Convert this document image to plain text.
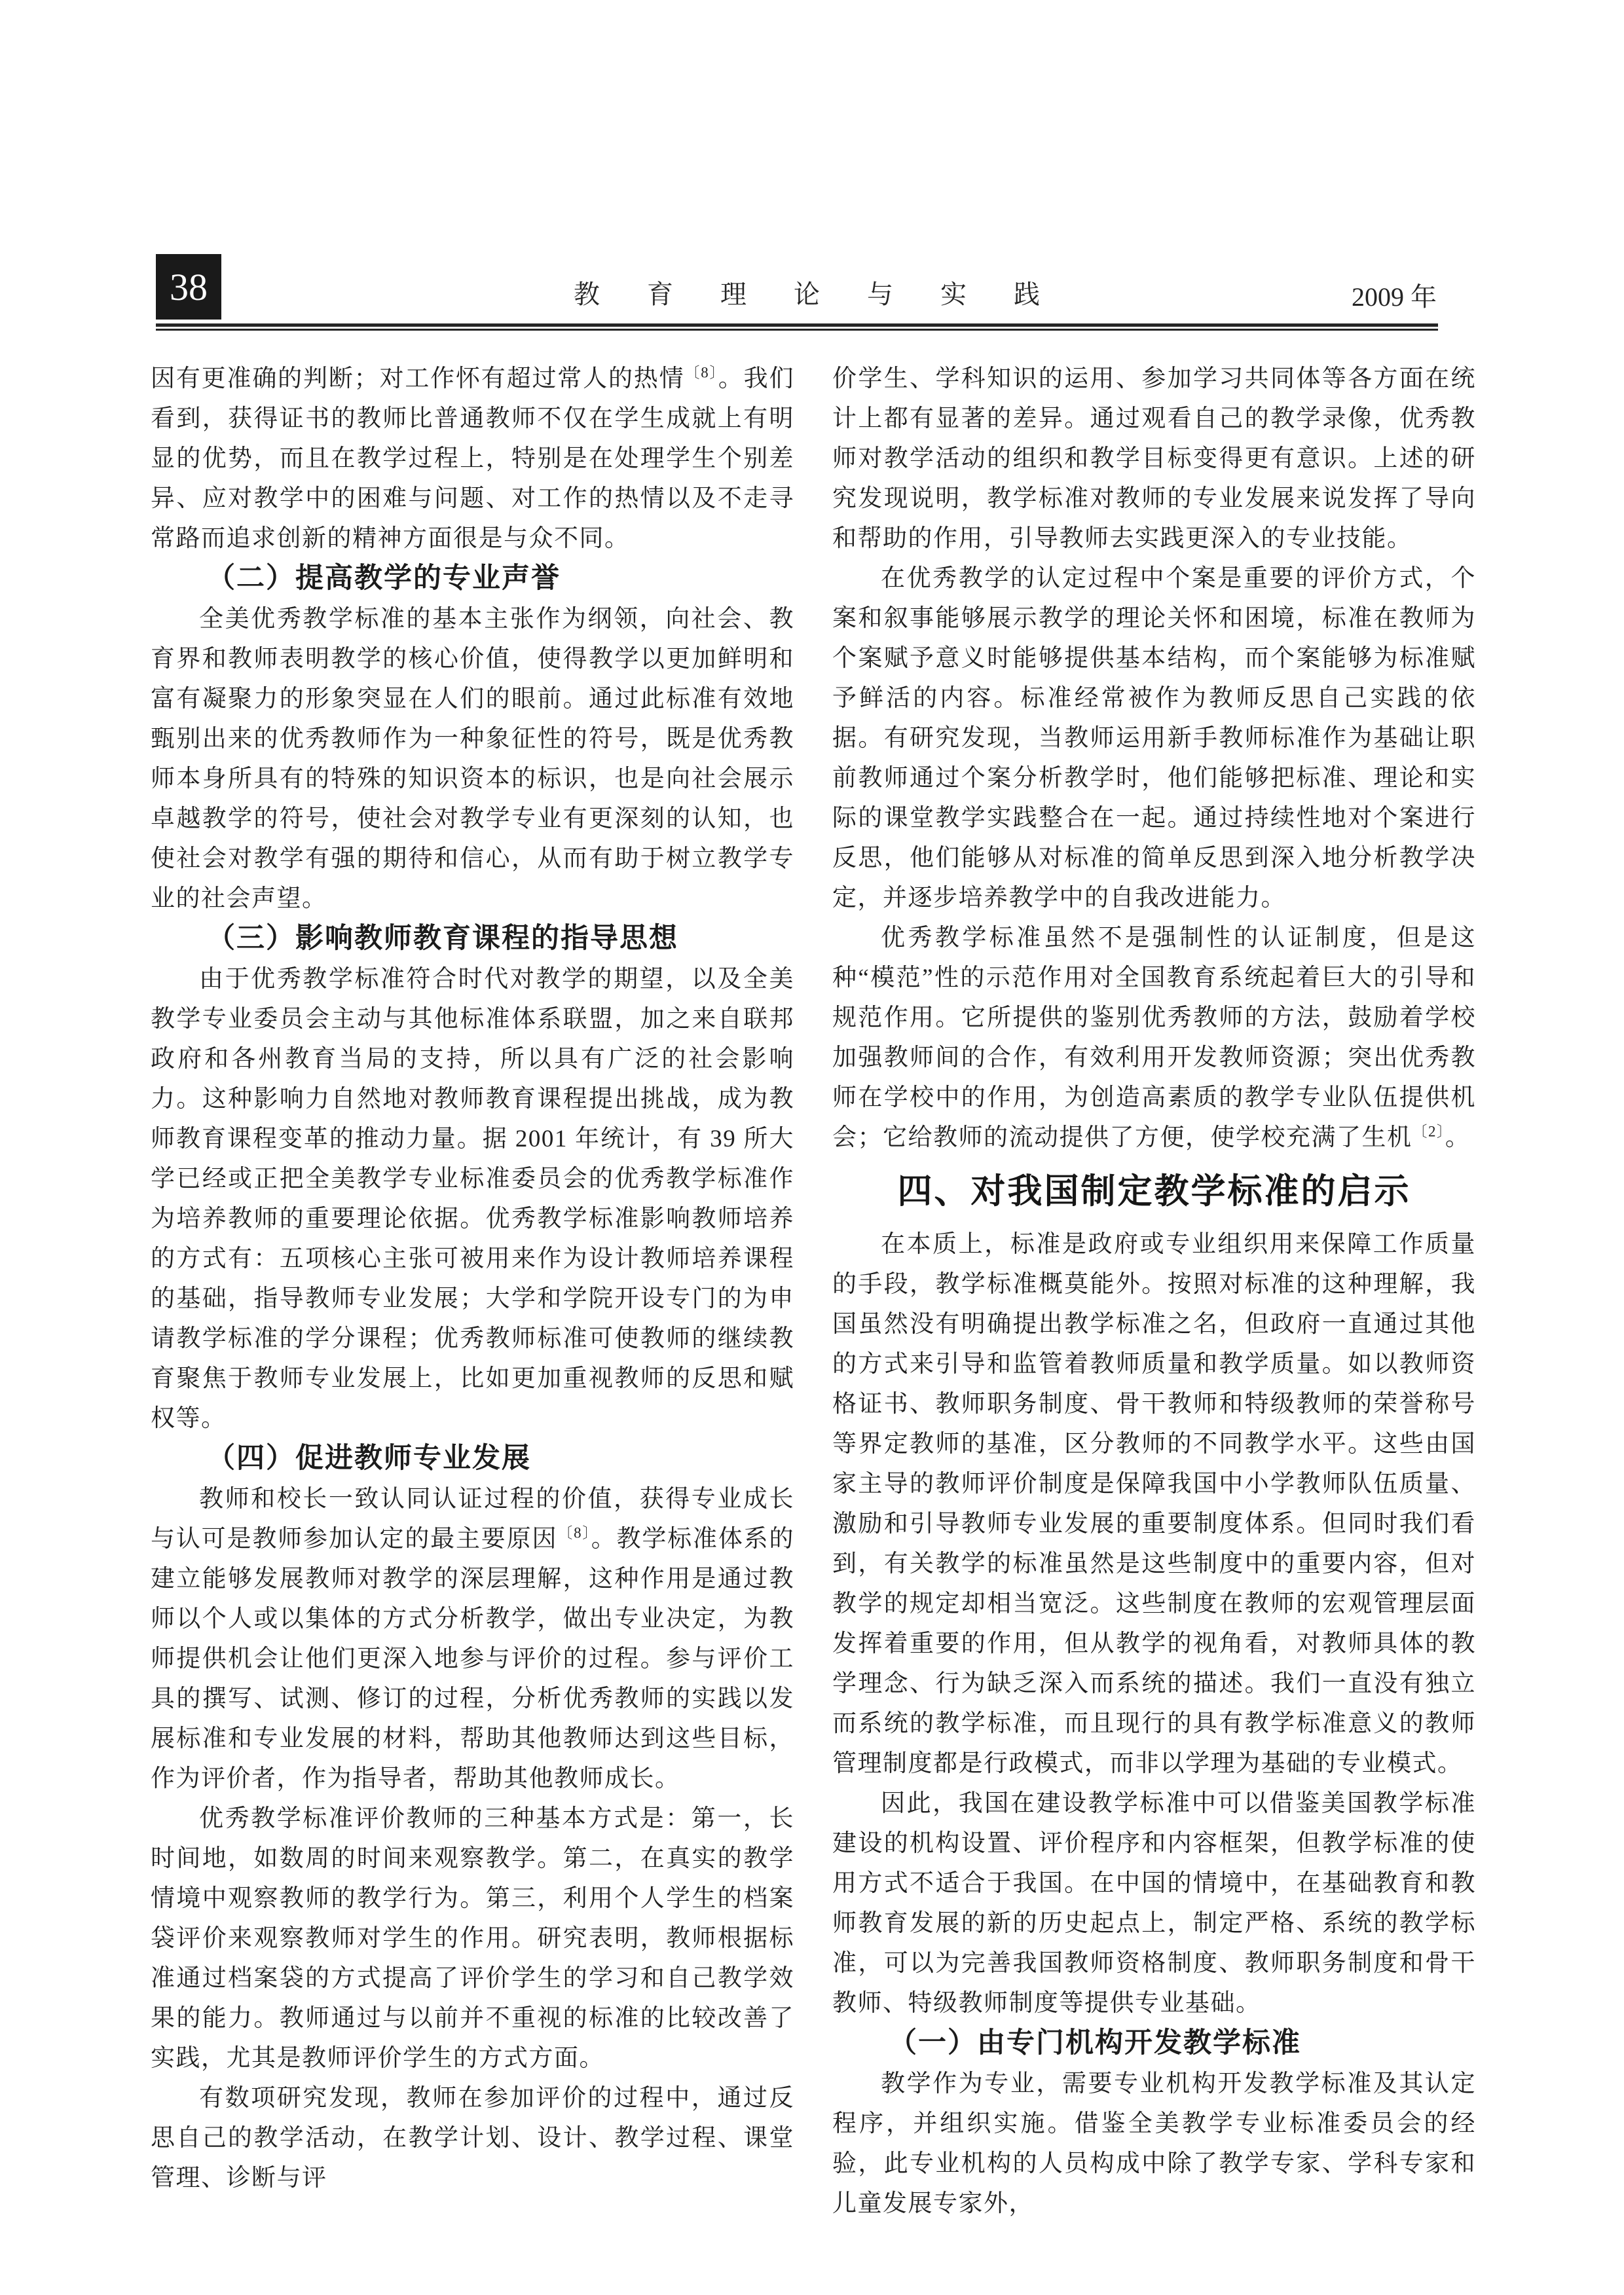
38	教　育　理　论　与　实　践	2009 年

因有更准确的判断；对工作怀有超过常人的热情$^{〔8〕}$。我们看到，获得证书的教师比普通教师不仅在学生成就上有明显的优势，而且在教学过程上，特别是在处理学生个别差异、应对教学中的困难与问题、对工作的热情以及不走寻常路而追求创新的精神方面很是与众不同。

（二）提高教学的专业声誉

全美优秀教学标准的基本主张作为纲领，向社会、教育界和教师表明教学的核心价值，使得教学以更加鲜明和富有凝聚力的形象突显在人们的眼前。通过此标准有效地甄别出来的优秀教师作为一种象征性的符号，既是优秀教师本身所具有的特殊的知识资本的标识，也是向社会展示卓越教学的符号，使社会对教学专业有更深刻的认知，也使社会对教学有强的期待和信心，从而有助于树立教学专业的社会声望。

（三）影响教师教育课程的指导思想

由于优秀教学标准符合时代对教学的期望，以及全美教学专业委员会主动与其他标准体系联盟，加之来自联邦政府和各州教育当局的支持，所以具有广泛的社会影响力。这种影响力自然地对教师教育课程提出挑战，成为教师教育课程变革的推动力量。据 2001 年统计，有 39 所大学已经或正把全美教学专业标准委员会的优秀教学标准作为培养教师的重要理论依据。优秀教学标准影响教师培养的方式有：五项核心主张可被用来作为设计教师培养课程的基础，指导教师专业发展；大学和学院开设专门的为申请教学标准的学分课程；优秀教师标准可使教师的继续教育聚焦于教师专业发展上，比如更加重视教师的反思和赋权等。

（四）促进教师专业发展

教师和校长一致认同认证过程的价值，获得专业成长与认可是教师参加认定的最主要原因$^{〔8〕}$。教学标准体系的建立能够发展教师对教学的深层理解，这种作用是通过教师以个人或以集体的方式分析教学，做出专业决定，为教师提供机会让他们更深入地参与评价的过程。参与评价工具的撰写、试测、修订的过程，分析优秀教师的实践以发展标准和专业发展的材料，帮助其他教师达到这些目标，作为评价者，作为指导者，帮助其他教师成长。

优秀教学标准评价教师的三种基本方式是：第一，长时间地，如数周的时间来观察教学。第二，在真实的教学情境中观察教师的教学行为。第三，利用个人学生的档案袋评价来观察教师对学生的作用。研究表明，教师根据标准通过档案袋的方式提高了评价学生的学习和自己教学效果的能力。教师通过与以前并不重视的标准的比较改善了实践，尤其是教师评价学生的方式方面。

有数项研究发现，教师在参加评价的过程中，通过反思自己的教学活动，在教学计划、设计、教学过程、课堂管理、诊断与评

价学生、学科知识的运用、参加学习共同体等各方面在统计上都有显著的差异。通过观看自己的教学录像，优秀教师对教学活动的组织和教学目标变得更有意识。上述的研究发现说明，教学标准对教师的专业发展来说发挥了导向和帮助的作用，引导教师去实践更深入的专业技能。

在优秀教学的认定过程中个案是重要的评价方式，个案和叙事能够展示教学的理论关怀和困境，标准在教师为个案赋予意义时能够提供基本结构，而个案能够为标准赋予鲜活的内容。标准经常被作为教师反思自己实践的依据。有研究发现，当教师运用新手教师标准作为基础让职前教师通过个案分析教学时，他们能够把标准、理论和实际的课堂教学实践整合在一起。通过持续性地对个案进行反思，他们能够从对标准的简单反思到深入地分析教学决定，并逐步培养教学中的自我改进能力。

优秀教学标准虽然不是强制性的认证制度，但是这种“模范”性的示范作用对全国教育系统起着巨大的引导和规范作用。它所提供的鉴别优秀教师的方法，鼓励着学校加强教师间的合作，有效利用开发教师资源；突出优秀教师在学校中的作用，为创造高素质的教学专业队伍提供机会；它给教师的流动提供了方便，使学校充满了生机$^{〔2〕}$。

四、对我国制定教学标准的启示

在本质上，标准是政府或专业组织用来保障工作质量的手段，教学标准概莫能外。按照对标准的这种理解，我国虽然没有明确提出教学标准之名，但政府一直通过其他的方式来引导和监管着教师质量和教学质量。如以教师资格证书、教师职务制度、骨干教师和特级教师的荣誉称号等界定教师的基准，区分教师的不同教学水平。这些由国家主导的教师评价制度是保障我国中小学教师队伍质量、激励和引导教师专业发展的重要制度体系。但同时我们看到，有关教学的标准虽然是这些制度中的重要内容，但对教学的规定却相当宽泛。这些制度在教师的宏观管理层面发挥着重要的作用，但从教学的视角看，对教师具体的教学理念、行为缺乏深入而系统的描述。我们一直没有独立而系统的教学标准，而且现行的具有教学标准意义的教师管理制度都是行政模式，而非以学理为基础的专业模式。

因此，我国在建设教学标准中可以借鉴美国教学标准建设的机构设置、评价程序和内容框架，但教学标准的使用方式不适合于我国。在中国的情境中，在基础教育和教师教育发展的新的历史起点上，制定严格、系统的教学标准，可以为完善我国教师资格制度、教师职务制度和骨干教师、特级教师制度等提供专业基础。

（一）由专门机构开发教学标准

教学作为专业，需要专业机构开发教学标准及其认定程序，并组织实施。借鉴全美教学专业标准委员会的经验，此专业机构的人员构成中除了教学专家、学科专家和儿童发展专家外，
